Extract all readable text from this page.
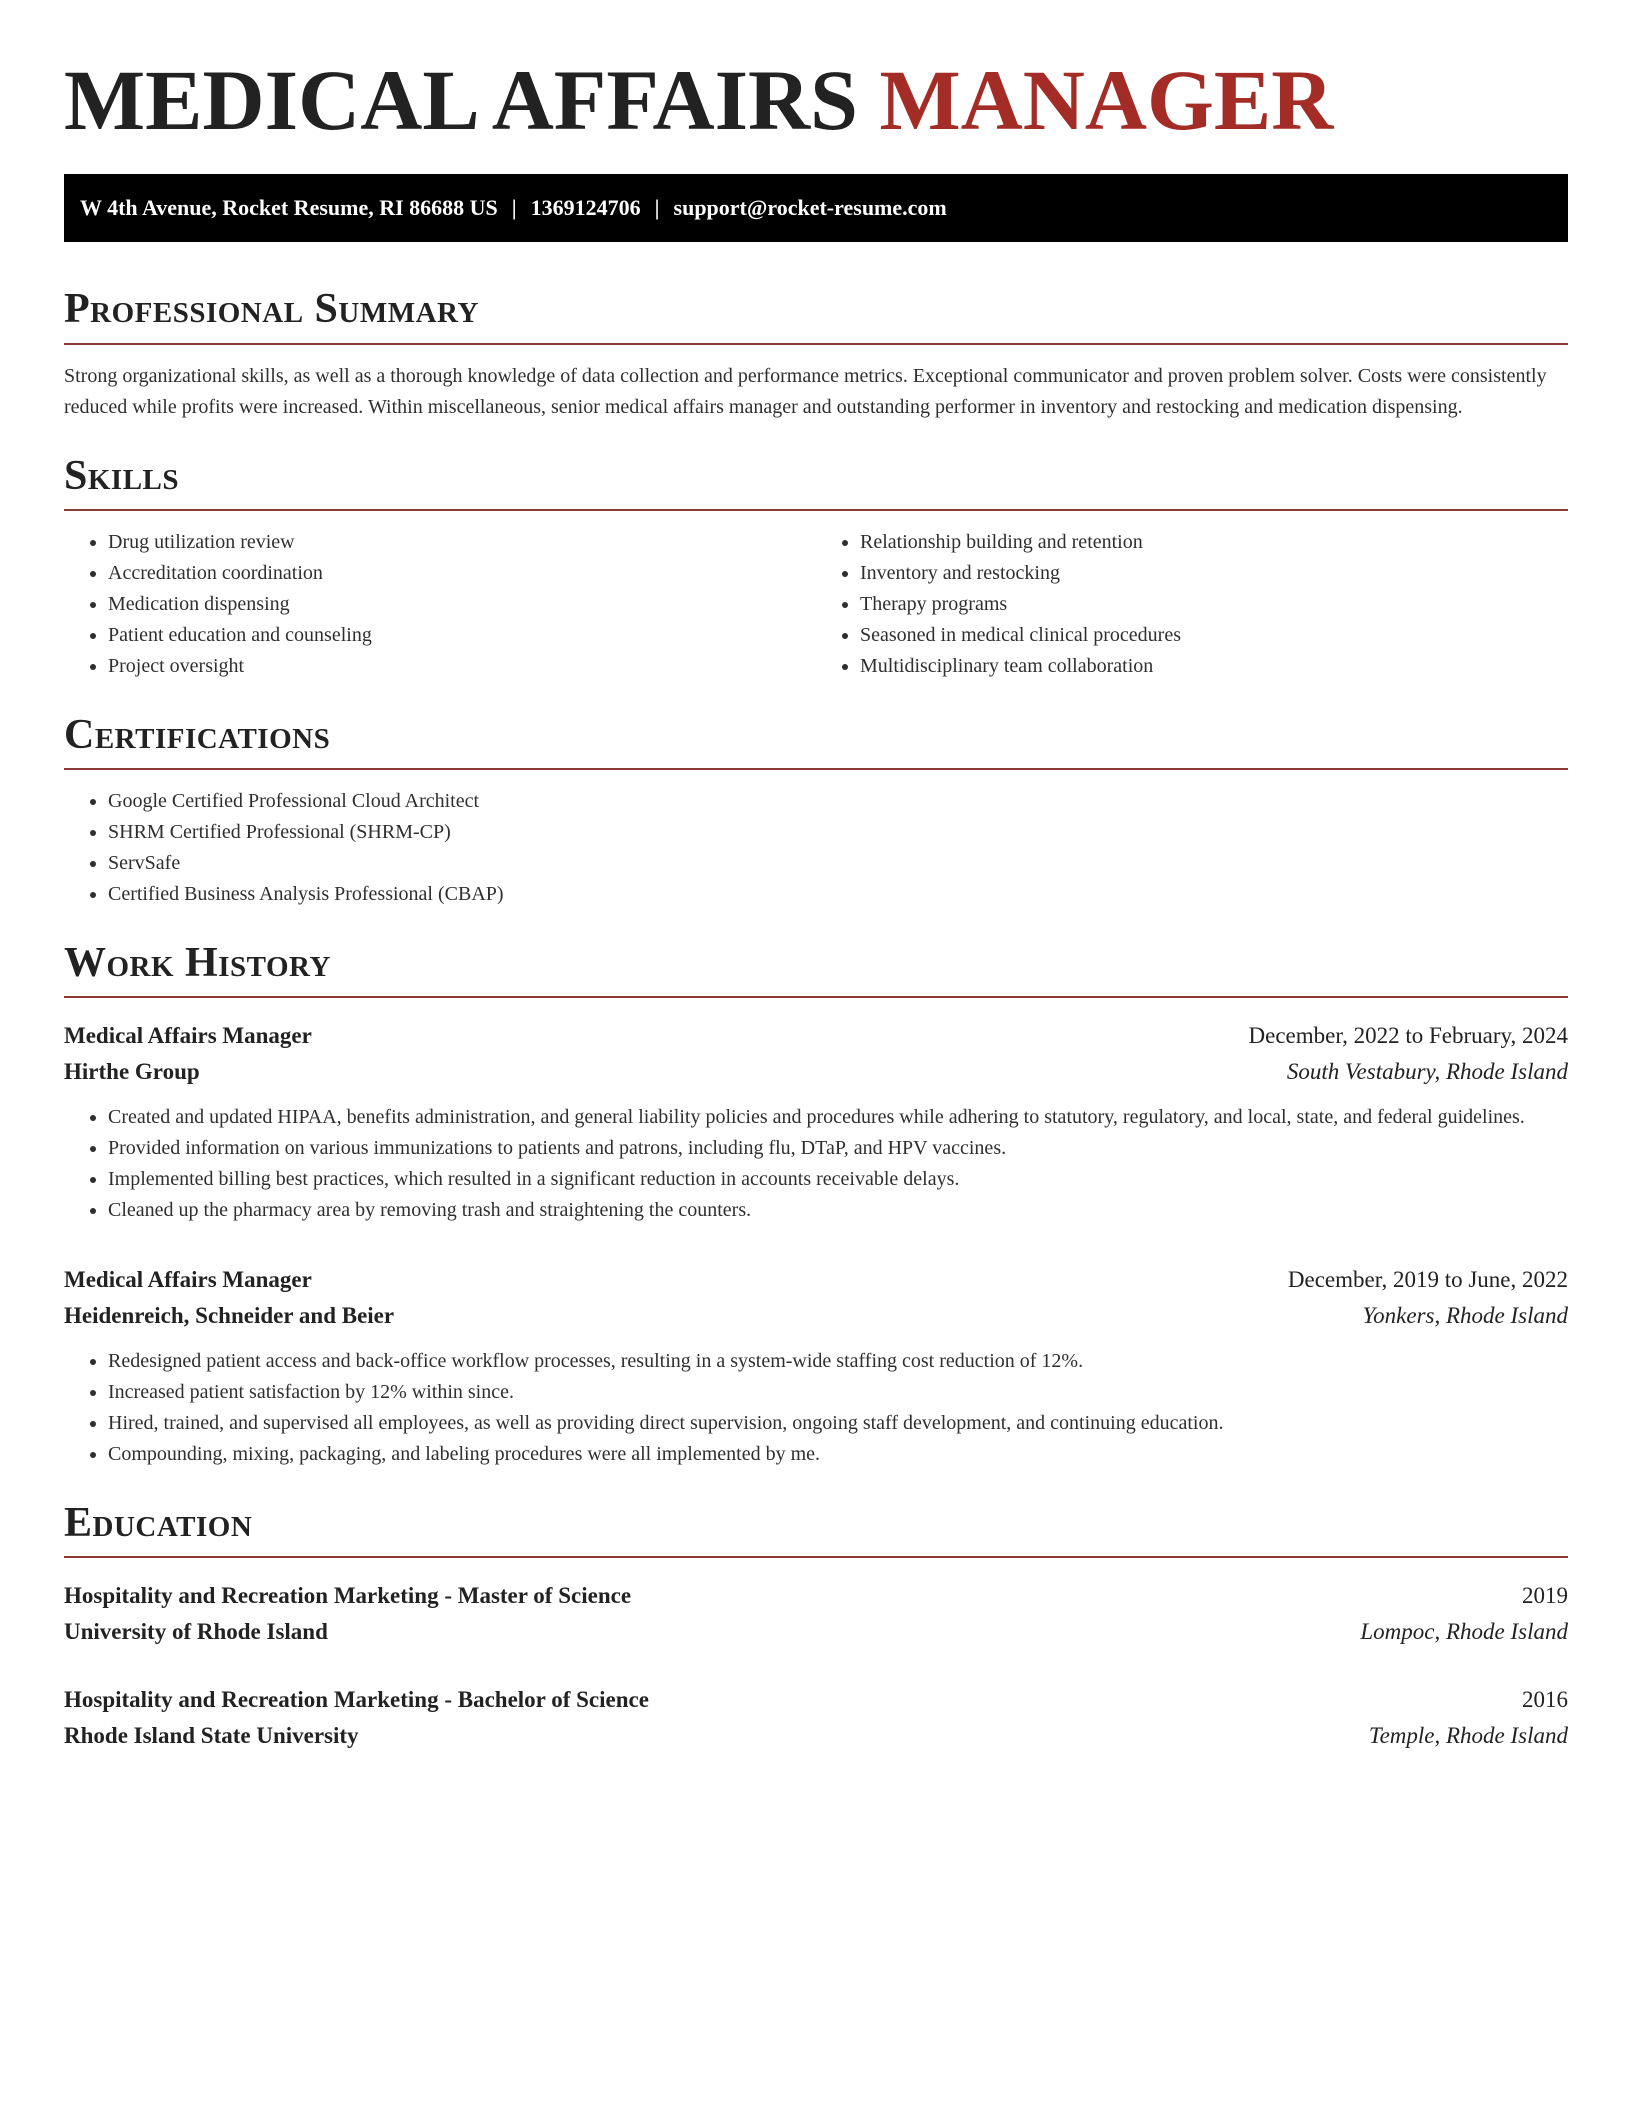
MEDICAL AFFAIRS MANAGER
W 4th Avenue, Rocket Resume, RI 86688 US | 1369124706 | support@rocket-resume.com
Professional Summary

Strong organizational skills, as well as a thorough knowledge of data collection and performance metrics. Exceptional communicator and proven problem solver. Costs were consistently reduced while profits were increased. Within miscellaneous, senior medical affairs manager and outstanding performer in inventory and restocking and medication dispensing.

Skills
• Drug utilization review
• Accreditation coordination
• Medication dispensing
• Patient education and counseling
• Project oversight
• Relationship building and retention
• Inventory and restocking
• Therapy programs
• Seasoned in medical clinical procedures
• Multidisciplinary team collaboration
Certifications
• Google Certified Professional Cloud Architect
• SHRM Certified Professional (SHRM-CP)
• ServSafe
• Certified Business Analysis Professional (CBAP)
Work History
Medical Affairs Manager	December, 2022 to February, 2024
Hirthe Group	South Vestabury, Rhode Island
• Created and updated HIPAA, benefits administration, and general liability policies and procedures while adhering to statutory, regulatory, and local, state, and federal guidelines.
• Provided information on various immunizations to patients and patrons, including flu, DTaP, and HPV vaccines.
• Implemented billing best practices, which resulted in a significant reduction in accounts receivable delays.
• Cleaned up the pharmacy area by removing trash and straightening the counters.
Medical Affairs Manager	December, 2019 to June, 2022
Heidenreich, Schneider and Beier	Yonkers, Rhode Island
• Redesigned patient access and back-office workflow processes, resulting in a system-wide staffing cost reduction of 12%.
• Increased patient satisfaction by 12% within since.
• Hired, trained, and supervised all employees, as well as providing direct supervision, ongoing staff development, and continuing education.
• Compounding, mixing, packaging, and labeling procedures were all implemented by me.
Education
Hospitality and Recreation Marketing - Master of Science	2019
University of Rhode Island	Lompoc, Rhode Island
Hospitality and Recreation Marketing - Bachelor of Science	2016
Rhode Island State University	Temple, Rhode Island
